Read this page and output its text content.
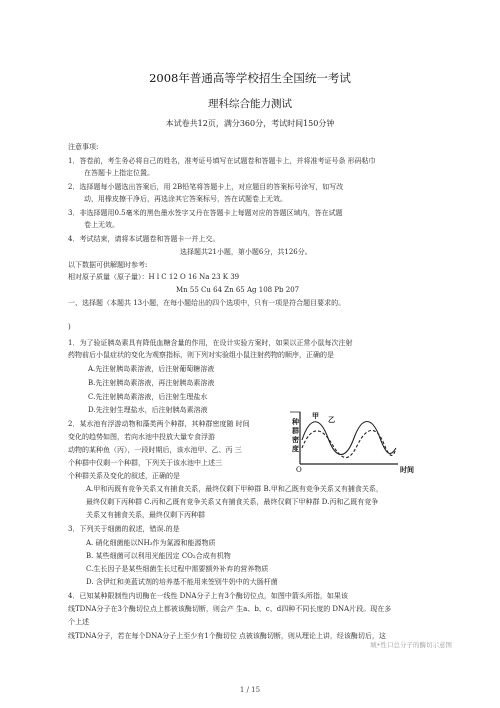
2008年普通高等学校招生全国统一考试
理科综合能力测试
本试卷共12页，满分360分，考试时间150分钟
注意事项:
1．答卷前，考生务必将自己的姓名，准考证号填写在试题卷和答题卡上，并将准考证号条 形码粘巾
在答题卡上指定位置。
2．选择题每小题选出答案后，用 2B铅笔将答题卡上，对应题目的答案标号涂写，如写改
动，用橡皮擦干净后，再选涂其它答案标号，答在试题卷上无效。
3．非选择题用0.5毫米的黑色墨水签字又丹在答题卡上每题对应的答题区域内，答在试题
卷上无效。
4．考试结束，请将本试题卷和答题卡一并上交。
选择题共21小题，第小题6分，共126分。
以下数据可供解题时参考:
相对原子质量（原子量）：H l C 12 O 16 Na 23 K 39
Mn 55 Cu 64 Zn 65 Ag 108 Pb 207
一、选择题（本题共 13小题，在每小题给出的四个选项中，只有一项是符合题目要求的。
)
1．为了验证胰岛素具有降低血糖含量的作用，在设计实验方案时，如果以正常小鼠每次注射
药物前后小鼠症状的变化为观察指标，则下列对实验组小鼠注射药物的顺序，正确的是
A.先注射胰岛素溶液，后注射葡萄糖溶液
B.先注射胰岛素溶液，再注射胰岛素溶液
C.先注射胰岛素溶液，后注射生理盐水
D.先注射生理盐水，后注射胰岛素溶液
2．某水池有浮游动物和藻类两个种群，其种群密度随 时间
变化的趋势如图，若向水池中投放大量专食浮游
动物的某种鱼（丙），一段时期后，该水池甲、乙、丙 三
个种群中仅剩一个种群，下列关于该水池中上述三
个种群关系及变化的叙述，正确的是
A.甲和丙既有竞争关系又有捕食关系，最终仅剩下甲种群 B.甲和乙既有竞争关系又有捕食关系，
最终仅剩下丙种群 C.丙和乙既有竞争关系又有捕食关系，最终仅剩下甲种群 D.丙和乙既有竞争
关系又有捕食关系，最终仅剩下丙种群
3．下列关于细菌的叙述，错误.的是
A. 硝化细菌能以NH₃作为氮源和能源物质
B. 某些细菌可以利用光能因定 CO₂合成有机物
C.生长因子是某些细菌生长过程中需要额外补弃的营养物质
D. 含伊红和美蓝试剂的培养基不能用来签别牛奶中的大肠杆菌
4．已知某种限制性内切酶在一线性 DNA分子上有3个酶切位点，如图中箭头所指，如果该
线TDNA分子在3个酶切位点上都被该酶切断，则会产 生a、b、c、d四种不同长度的 DNA片段。现在多
个上述
线TDNA分子，若在每个DNA分子上至少有1个酶切位 点被该酶切断，则从理论上讲，经该酶切后，这
种
群
密
度
O	时间
甲 乙
城•性口总分子的酶切示意图
1 / 15
